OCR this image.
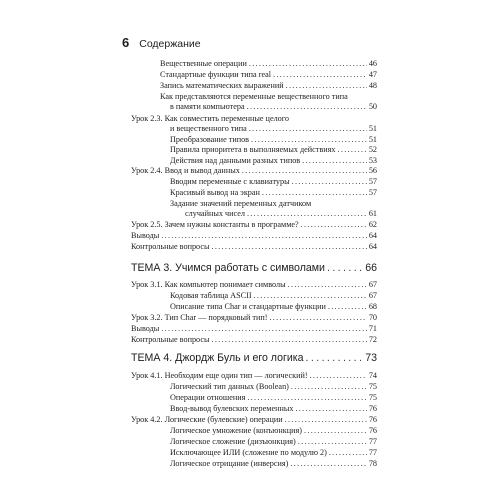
6 Содержание
Вещественные операции .....	46
Стандартные функции типа real .....	47
Запись математических выражений .....	48
Как представляются переменные вещественного типа
в памяти компьютера .....	50
Урок 2.3. Как совместить переменные целого
и вещественного типа .....	51
Преобразование типов .....	51
Правила приоритета в выполняемых действиях .....	52
Действия над данными разных типов .....	53
Урок 2.4. Ввод и вывод данных .....	56
Вводим переменные с клавиатуры .....	57
Красивый вывод на экран .....	57
Задание значений переменных датчиком
случайных чисел .....	61
Урок 2.5. Зачем нужны константы в программе? .....	62
Выводы .....	64
Контрольные вопросы .....	64
ТЕМА 3. Учимся работать с символами .....	66
Урок 3.1. Как компьютер понимает символы .....	67
Кодовая таблица ASCII .....	67
Описание типа Char и стандартные функции .....	68
Урок 3.2. Тип Char — порядковый тип! .....	70
Выводы .....	71
Контрольные вопросы .....	72
ТЕМА 4. Джордж Буль и его логика .....	73
Урок 4.1. Необходим еще один тип — логический! .....	74
Логический тип данных (Boolean) .....	75
Операции отношения .....	75
Ввод-вывод булевских переменных .....	76
Урок 4.2. Логические (булевские) операции .....	76
Логическое умножение (конъюнкция) .....	76
Логическое сложение (дизъюнкция) .....	77
Исключающее ИЛИ (сложение по модулю 2) .....	77
Логическое отрицание (инверсия) .....	78
